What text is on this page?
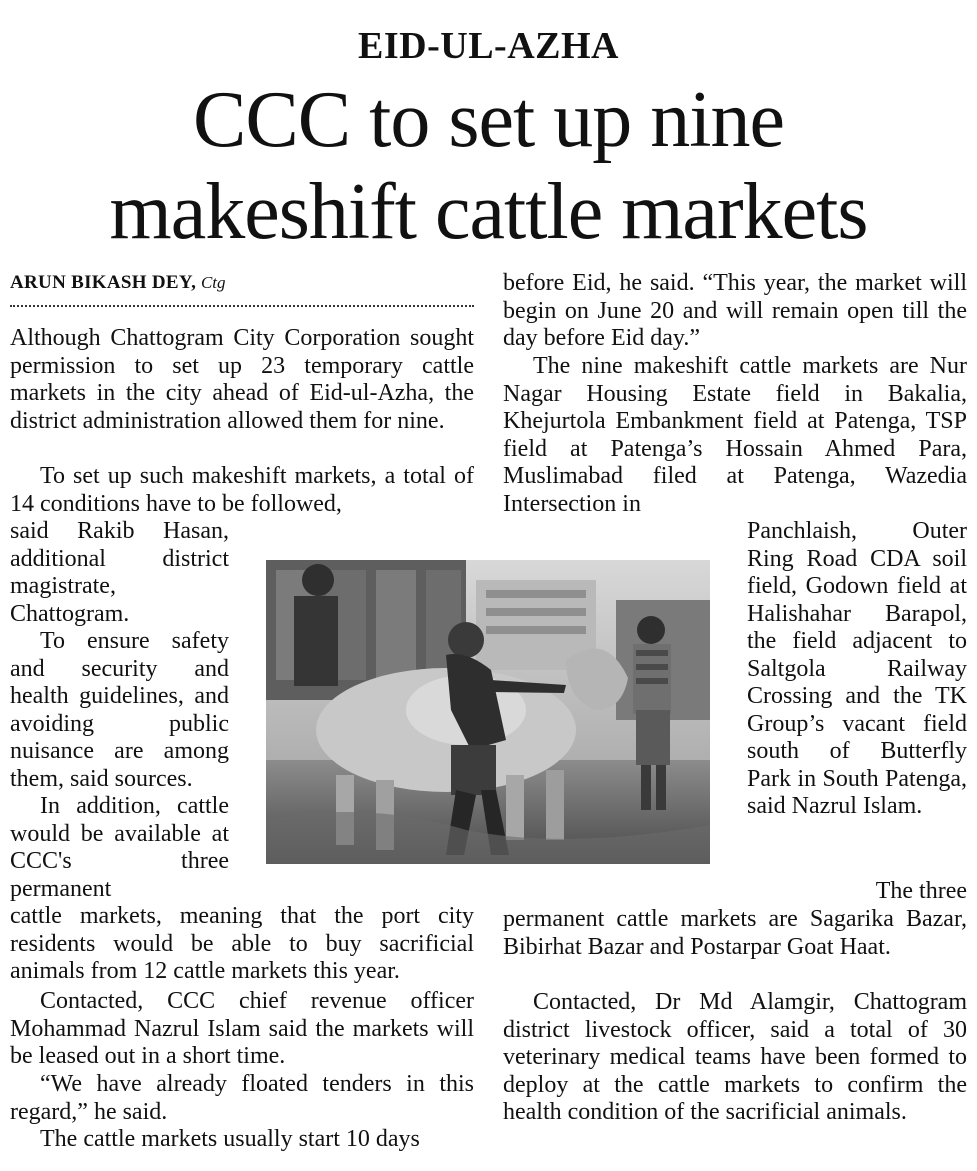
EID-UL-AZHA
CCC to set up nine
makeshift cattle markets
ARUN BIKASH DEY, Ctg

Although Chattogram City Corporation sought permission to set up 23 temporary cattle markets in the city ahead of Eid-ul-Azha, the district administration allowed them for nine.

To set up such makeshift markets, a total of 14 conditions have to be followed,

said Rakib Hasan, additional district magistrate, Chattogram.

To ensure safety and security and health guidelines, and avoiding public nuisance are among them, said sources.

In addition, cattle would be available at CCC's three permanent

cattle markets, meaning that the port city residents would be able to buy sacrificial animals from 12 cattle markets this year.

Contacted, CCC chief revenue officer Mohammad Nazrul Islam said the markets will be leased out in a short time.

“We have already floated tenders in this regard,” he said.

The cattle markets usually start 10 days

before Eid, he said. “This year, the market will begin on June 20 and will remain open till the day before Eid day.”

The nine makeshift cattle markets are Nur Nagar Housing Estate field in Bakalia, Khejurtola Embankment field at Patenga, TSP field at Patenga’s Hossain Ahmed Para, Muslimabad filed at Patenga, Wazedia Intersection in

Panchlaish, Outer Ring Road CDA soil field, Godown field at Halishahar Barapol, the field adjacent to Saltgola Railway Crossing and the TK Group’s vacant field south of Butterfly Park in South Patenga, said Nazrul Islam.

The three

permanent cattle markets are Sagarika Bazar, Bibirhat Bazar and Postarpar Goat Haat.

Contacted, Dr Md Alamgir, Chattogram district livestock officer, said a total of 30 veterinary medical teams have been formed to deploy at the cattle markets to confirm the health condition of the sacrificial animals.
